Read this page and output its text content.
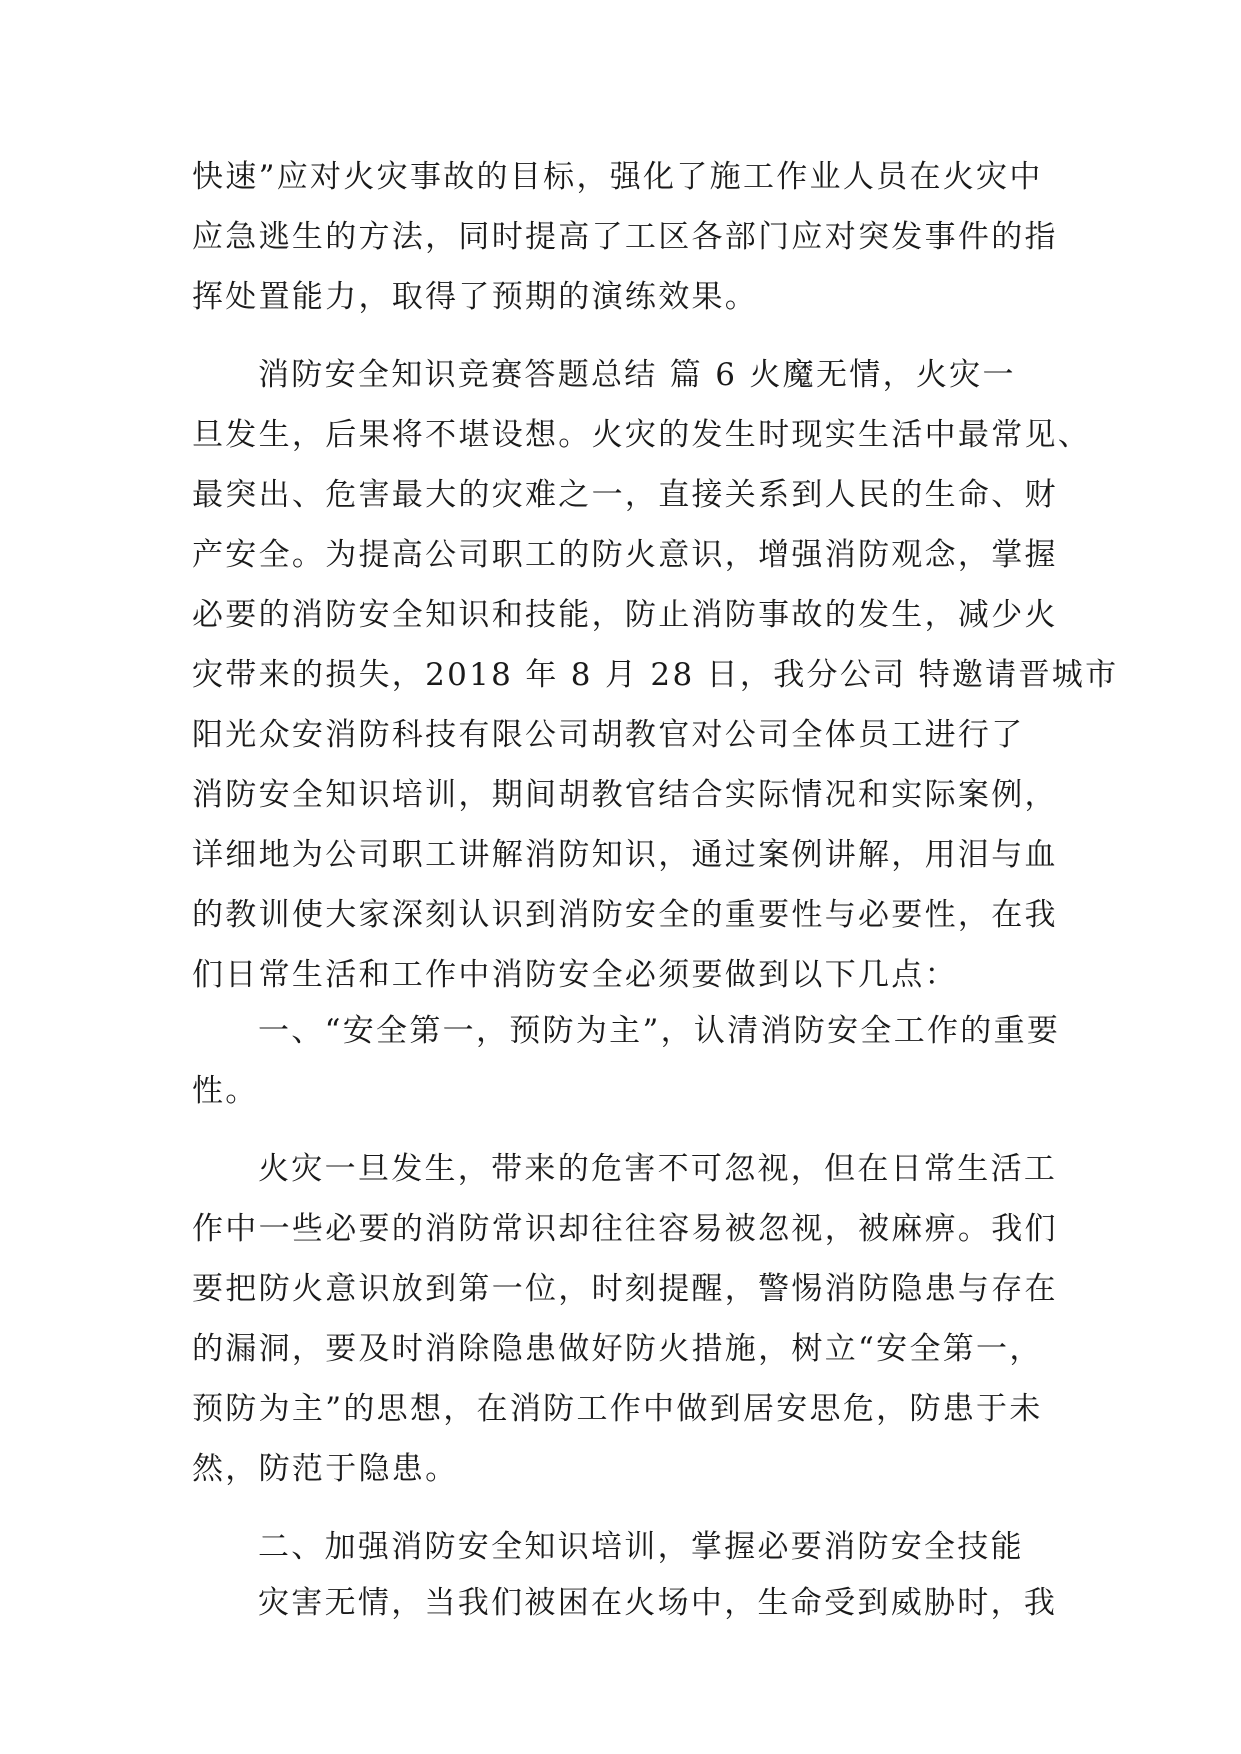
快速”应对火灾事故的目标，强化了施工作业人员在火灾中
应急逃生的方法，同时提高了工区各部门应对突发事件的指
挥处置能力，取得了预期的演练效果。
消防安全知识竞赛答题总结 篇 6 火魔无情，火灾一
旦发生，后果将不堪设想。火灾的发生时现实生活中最常见、
最突出、危害最大的灾难之一，直接关系到人民的生命、财
产安全。为提高公司职工的防火意识，增强消防观念，掌握
必要的消防安全知识和技能，防止消防事故的发生，减少火
灾带来的损失，2018 年 8 月 28 日，我分公司 特邀请晋城市
阳光众安消防科技有限公司胡教官对公司全体员工进行了
消防安全知识培训，期间胡教官结合实际情况和实际案例，
详细地为公司职工讲解消防知识，通过案例讲解，用泪与血
的教训使大家深刻认识到消防安全的重要性与必要性，在我
们日常生活和工作中消防安全必须要做到以下几点：
一、“安全第一，预防为主”，认清消防安全工作的重要
性。
火灾一旦发生，带来的危害不可忽视，但在日常生活工
作中一些必要的消防常识却往往容易被忽视，被麻痹。我们
要把防火意识放到第一位，时刻提醒，警惕消防隐患与存在
的漏洞，要及时消除隐患做好防火措施，树立“安全第一，
预防为主”的思想，在消防工作中做到居安思危，防患于未
然，防范于隐患。
二、加强消防安全知识培训，掌握必要消防安全技能
灾害无情，当我们被困在火场中，生命受到威胁时，我
